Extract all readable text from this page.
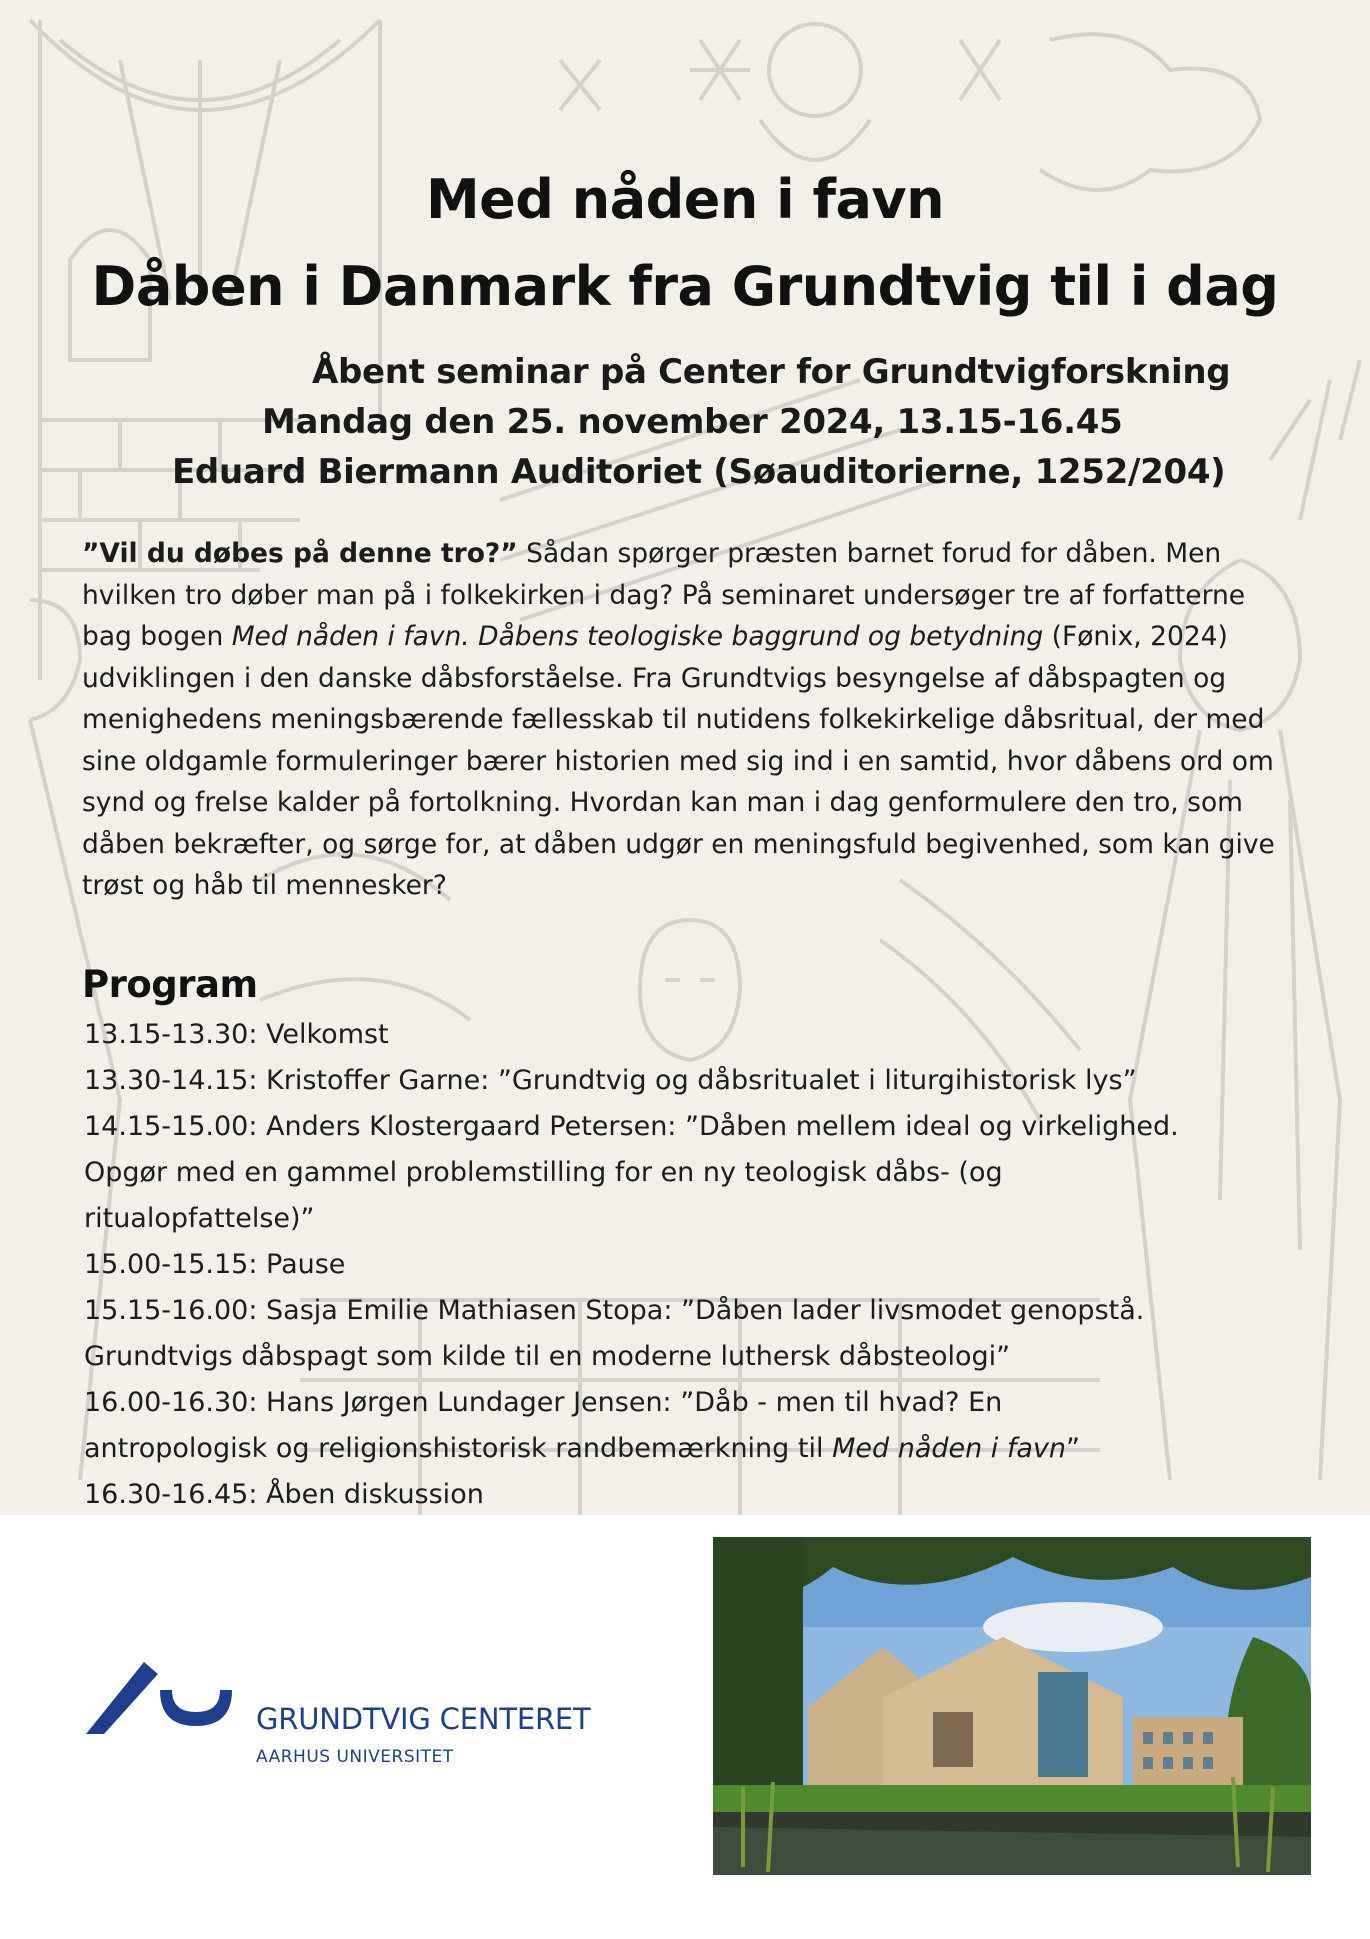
Med nåden i favn
Dåben i Danmark fra Grundtvig til i dag
Åbent seminar på Center for Grundtvigforskning
Mandag den 25. november 2024, 13.15-16.45
Eduard Biermann Auditoriet (Søauditorierne, 1252/204)
”Vil du døbes på denne tro?” Sådan spørger præsten barnet forud for dåben. Men hvilken tro døber man på i folkekirken i dag? På seminaret undersøger tre af forfatterne bag bogen Med nåden i favn. Dåbens teologiske baggrund og betydning (Fønix, 2024) udviklingen i den danske dåbsforståelse. Fra Grundtvigs besyngelse af dåbspagten og menighedens meningsbærende fællesskab til nutidens folkekirkelige dåbsritual, der med sine oldgamle formuleringer bærer historien med sig ind i en samtid, hvor dåbens ord om synd og frelse kalder på fortolkning. Hvordan kan man i dag genformulere den tro, som dåben bekræfter, og sørge for, at dåben udgør en meningsfuld begivenhed, som kan give trøst og håb til mennesker?
Program
13.15-13.30: Velkomst
13.30-14.15: Kristoffer Garne: ”Grundtvig og dåbsritualet i liturgihistorisk lys”
14.15-15.00: Anders Klostergaard Petersen: ”Dåben mellem ideal og virkelighed.
Opgør med en gammel problemstilling for en ny teologisk dåbs- (og
ritualopfattelse)”
15.00-15.15: Pause
15.15-16.00: Sasja Emilie Mathiasen Stopa: ”Dåben lader livsmodet genopstå.
Grundtvigs dåbspagt som kilde til en moderne luthersk dåbsteologi”
16.00-16.30: Hans Jørgen Lundager Jensen: ”Dåb - men til hvad? En
antropologisk og religionshistorisk randbemærkning til Med nåden i favn”
16.30-16.45: Åben diskussion
GRUNDTVIG CENTERET
AARHUS UNIVERSITET
